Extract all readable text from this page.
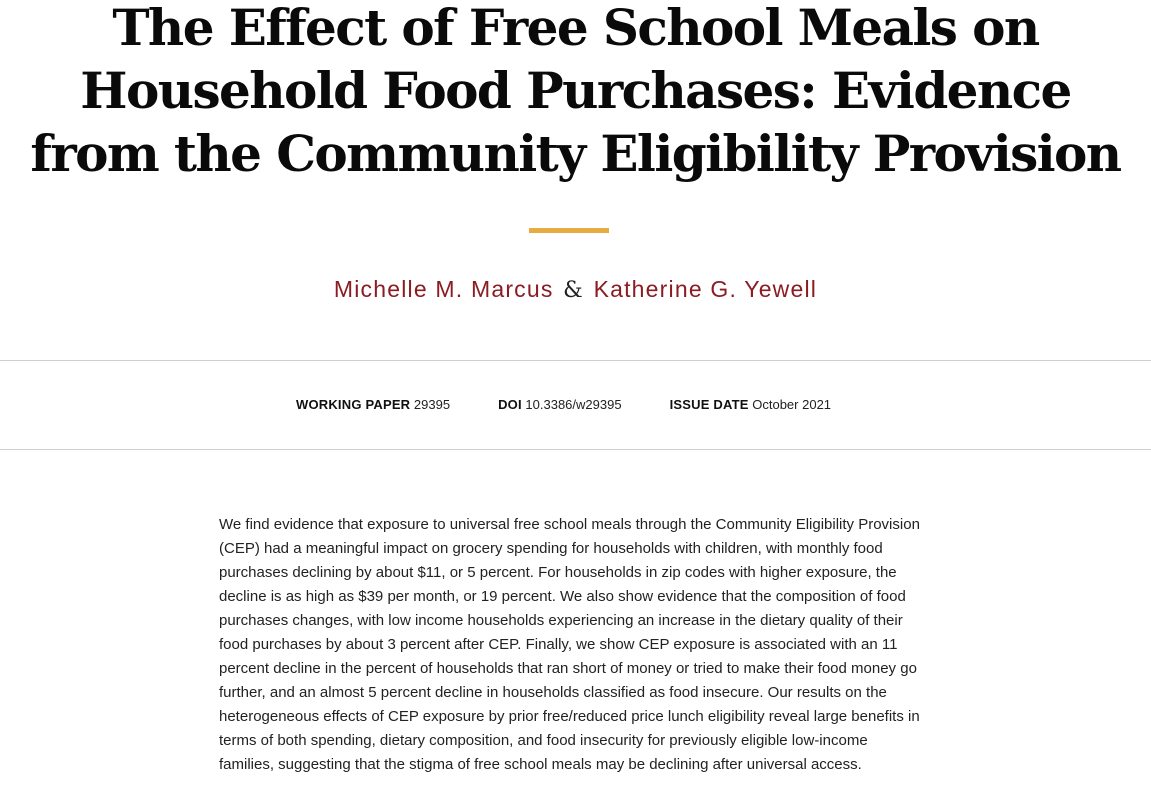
The Effect of Free School Meals on Household Food Purchases: Evidence from the Community Eligibility Provision
Michelle M. Marcus & Katherine G. Yewell
WORKING PAPER 29395	DOI 10.3386/w29395	ISSUE DATE October 2021

We find evidence that exposure to universal free school meals through the Community Eligibility Provision (CEP) had a meaningful impact on grocery spending for households with children, with monthly food purchases declining by about $11, or 5 percent. For households in zip codes with higher exposure, the decline is as high as $39 per month, or 19 percent. We also show evidence that the composition of food purchases changes, with low income households experiencing an increase in the dietary quality of their food purchases by about 3 percent after CEP. Finally, we show CEP exposure is associated with an 11 percent decline in the percent of households that ran short of money or tried to make their food money go further, and an almost 5 percent decline in households classified as food insecure. Our results on the heterogeneous effects of CEP exposure by prior free/reduced price lunch eligibility reveal large benefits in terms of both spending, dietary composition, and food insecurity for previously eligible low-income families, suggesting that the stigma of free school meals may be declining after universal access.
